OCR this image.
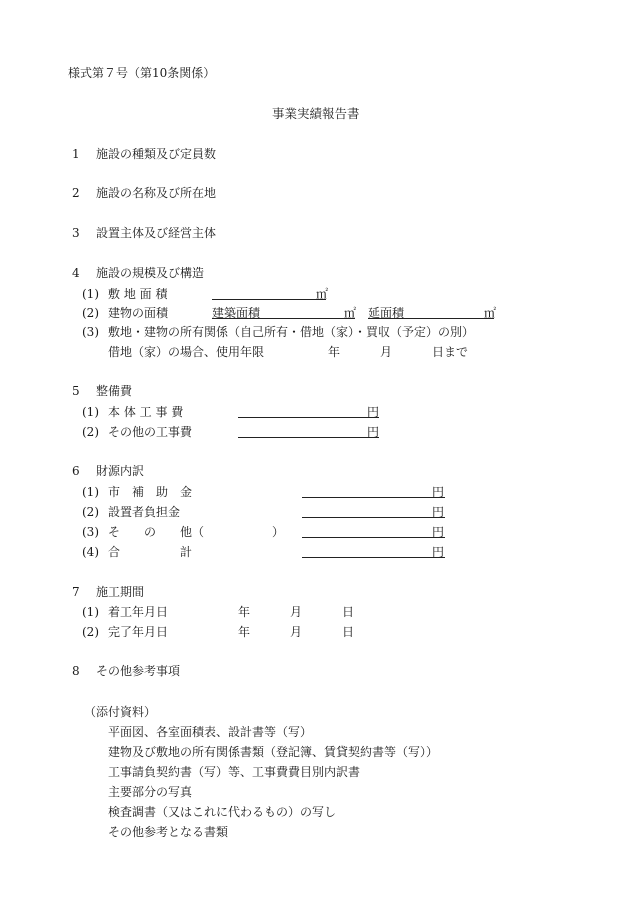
様式第７号（第10条関係）
事業実績報告書
1 施設の種類及び定員数
2 施設の名称及び所在地
3 設置主体及び経営主体
4 施設の規模及び構造
(1) 敷 地 面 積	㎡
(2) 建物の面積	建築面積	㎡ 延面積	㎡
(3) 敷地・建物の所有関係（自己所有・借地（家）・買収（予定）の別）
借地（家）の場合、使用年限	年	月	日まで
5 整備費
(1) 本 体 工 事 費	円
(2) その他の工事費	円
6 財源内訳
(1) 市　補　助　金	円
(2) 設置者負担金	円
(3) そ　　の　　他（	）	円
(4) 合　　　　　計	円
7 施工期間
(1) 着工年月日	年	月	日
(2) 完了年月日	年	月	日
8 その他参考事項
（添付資料）
平面図、各室面積表、設計書等（写）
建物及び敷地の所有関係書類（登記簿、賃貸契約書等（写））
工事請負契約書（写）等、工事費費目別内訳書
主要部分の写真
検査調書（又はこれに代わるもの）の写し
その他参考となる書類
